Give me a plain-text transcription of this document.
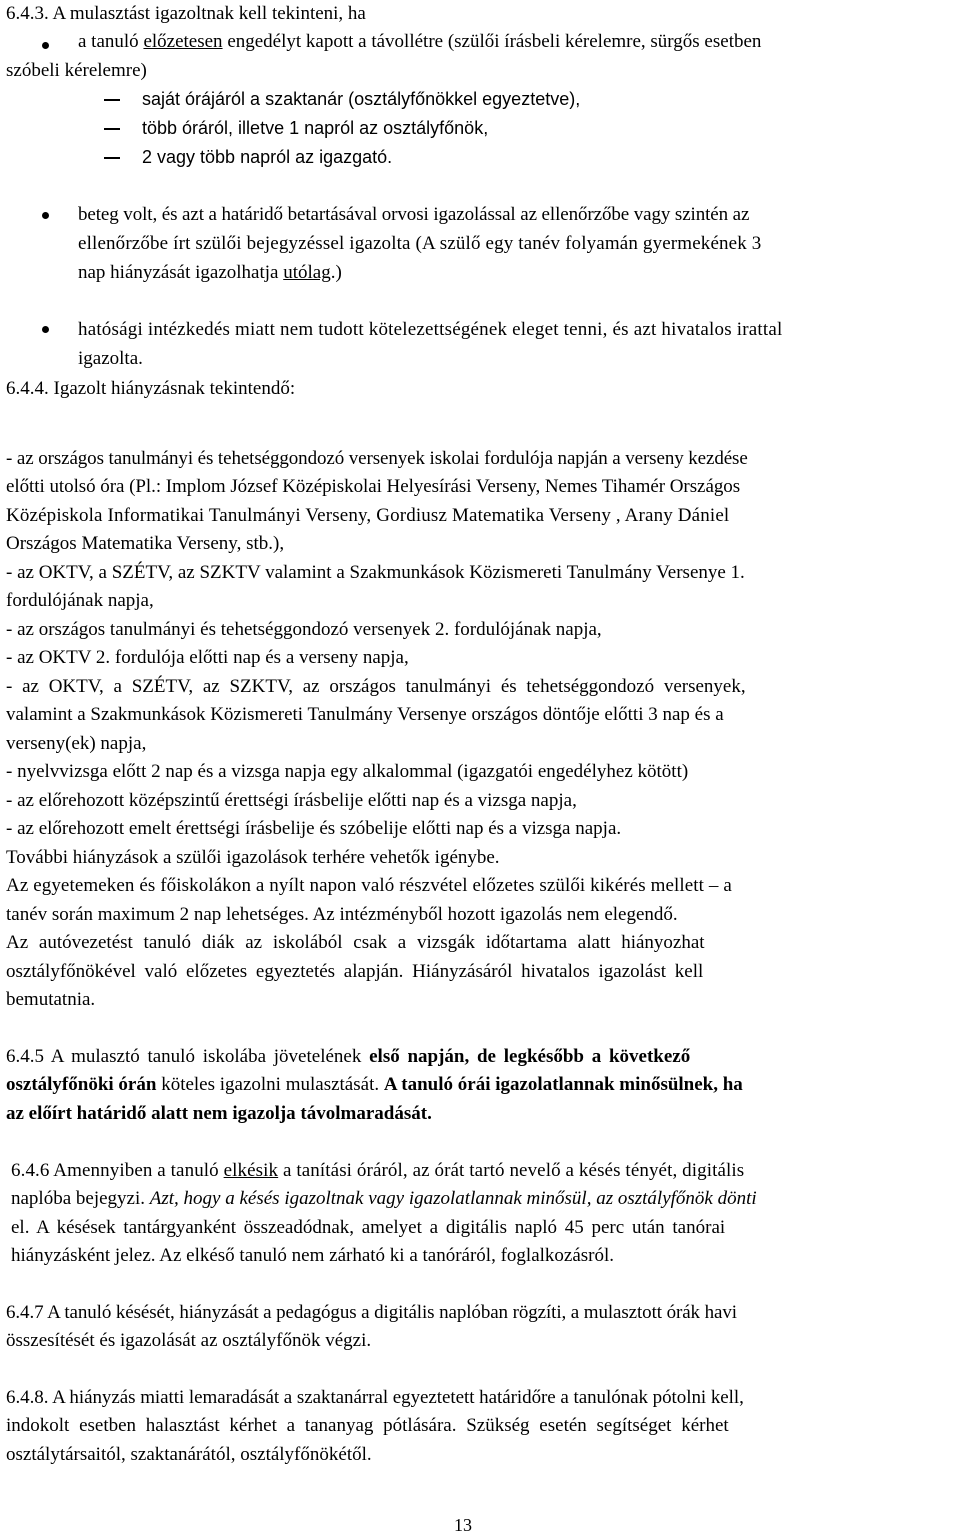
6.4.3. A mulasztást igazoltnak kell tekinteni, ha
a tanuló előzetesen engedélyt kapott a távollétre (szülői írásbeli kérelemre, sürgős esetben
szóbeli kérelemre)
saját órájáról a szaktanár (osztályfőnökkel egyeztetve),
több óráról, illetve 1 napról az osztályfőnök,
2 vagy több napról az igazgató.
beteg volt, és azt a határidő betartásával orvosi igazolással az ellenőrzőbe vagy szintén az
ellenőrzőbe írt szülői bejegyzéssel igazolta (A szülő egy tanév folyamán gyermekének 3
nap hiányzását igazolhatja utólag.)
hatósági intézkedés miatt nem tudott kötelezettségének eleget tenni, és azt hivatalos irattal
igazolta.
6.4.4. Igazolt hiányzásnak tekintendő:
- az országos tanulmányi és tehetséggondozó versenyek iskolai fordulója napján a verseny kezdése
előtti utolsó óra (Pl.: Implom József Középiskolai Helyesírási Verseny, Nemes Tihamér Országos
Középiskola Informatikai Tanulmányi Verseny, Gordiusz Matematika Verseny , Arany Dániel
Országos Matematika Verseny, stb.),
- az OKTV, a SZÉTV, az SZKTV valamint a Szakmunkások Közismereti Tanulmány Versenye 1.
fordulójának napja,
- az országos tanulmányi és tehetséggondozó versenyek 2. fordulójának napja,
- az OKTV 2. fordulója előtti nap és a verseny napja,
- az OKTV, a SZÉTV, az SZKTV, az országos tanulmányi és tehetséggondozó versenyek,
valamint a Szakmunkások Közismereti Tanulmány Versenye országos döntője előtti 3 nap és a
verseny(ek) napja,
- nyelvvizsga előtt 2 nap és a vizsga napja egy alkalommal (igazgatói engedélyhez kötött)
- az előrehozott középszintű érettségi írásbelije előtti nap és a vizsga napja,
- az előrehozott emelt érettségi írásbelije és szóbelije előtti nap és a vizsga napja.
További hiányzások a szülői igazolások terhére vehetők igénybe.
Az egyetemeken és főiskolákon a nyílt napon való részvétel előzetes szülői kikérés mellett – a
tanév során maximum 2 nap lehetséges. Az intézményből hozott igazolás nem elegendő.
Az autóvezetést tanuló diák az iskolából csak a vizsgák időtartama alatt hiányozhat
osztályfőnökével való előzetes egyeztetés alapján. Hiányzásáról hivatalos igazolást kell
bemutatnia.
6.4.5 A mulasztó tanuló iskolába jövetelének első napján, de legkésőbb a következő
osztályfőnöki órán köteles igazolni mulasztását. A tanuló órái igazolatlannak minősülnek, ha
az előírt határidő alatt nem igazolja távolmaradását.
6.4.6 Amennyiben a tanuló elkésik a tanítási óráról, az órát tartó nevelő a késés tényét, digitális
naplóba bejegyzi. Azt, hogy a késés igazoltnak vagy igazolatlannak minősül, az osztályfőnök dönti
el. A késések tantárgyanként összeadódnak, amelyet a digitális napló 45 perc után tanórai
hiányzásként jelez. Az elkéső tanuló nem zárható ki a tanóráról, foglalkozásról.
6.4.7 A tanuló késését, hiányzását a pedagógus a digitális naplóban rögzíti, a mulasztott órák havi
összesítését és igazolását az osztályfőnök végzi.
6.4.8. A hiányzás miatti lemaradását a szaktanárral egyeztetett határidőre a tanulónak pótolni kell,
indokolt esetben halasztást kérhet a tananyag pótlására. Szükség esetén segítséget kérhet
osztálytársaitól, szaktanárától, osztályfőnökétől.
13
